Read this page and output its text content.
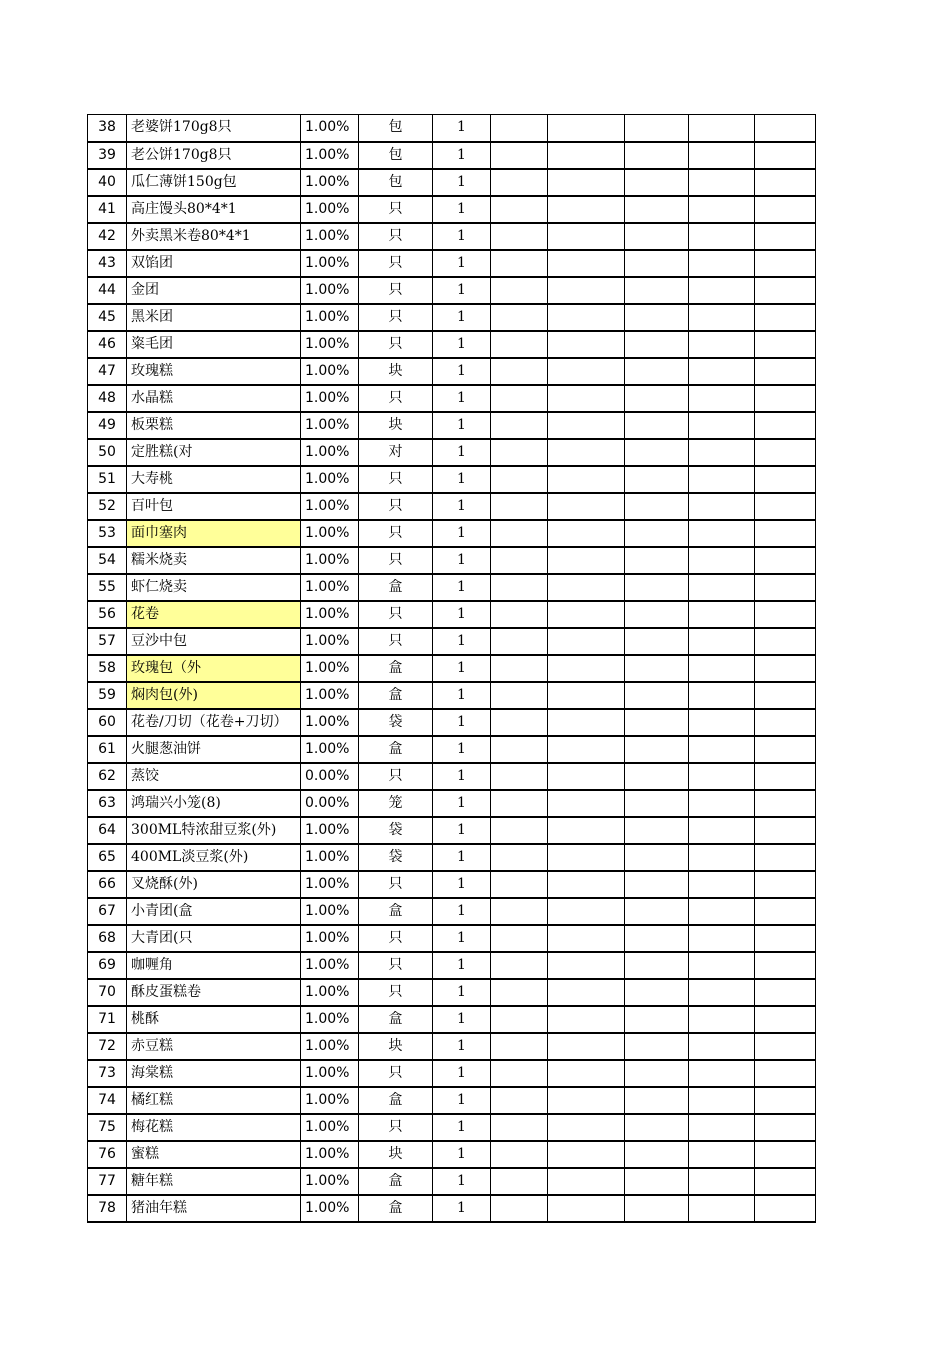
38	老婆饼170g8只	1.00%	包	1					
39	老公饼170g8只	1.00%	包	1					
40	瓜仁薄饼150g包	1.00%	包	1					
41	高庄馒头80*4*1	1.00%	只	1					
42	外卖黑米卷80*4*1	1.00%	只	1					
43	双馅团	1.00%	只	1					
44	金团	1.00%	只	1					
45	黑米团	1.00%	只	1					
46	粢毛团	1.00%	只	1					
47	玫瑰糕	1.00%	块	1					
48	水晶糕	1.00%	只	1					
49	板栗糕	1.00%	块	1					
50	定胜糕(对	1.00%	对	1					
51	大寿桃	1.00%	只	1					
52	百叶包	1.00%	只	1					
53	面巾塞肉	1.00%	只	1					
54	糯米烧卖	1.00%	只	1					
55	虾仁烧卖	1.00%	盒	1					
56	花卷	1.00%	只	1					
57	豆沙中包	1.00%	只	1					
58	玫瑰包（外	1.00%	盒	1					
59	焖肉包(外)	1.00%	盒	1					
60	花卷/刀切（花卷+刀切）	1.00%	袋	1					
61	火腿葱油饼	1.00%	盒	1					
62	蒸饺	0.00%	只	1					
63	鸿瑞兴小笼(8)	0.00%	笼	1					
64	300ML特浓甜豆浆(外)	1.00%	袋	1					
65	400ML淡豆浆(外)	1.00%	袋	1					
66	叉烧酥(外)	1.00%	只	1					
67	小青团(盒	1.00%	盒	1					
68	大青团(只	1.00%	只	1					
69	咖喱角	1.00%	只	1					
70	酥皮蛋糕卷	1.00%	只	1					
71	桃酥	1.00%	盒	1					
72	赤豆糕	1.00%	块	1					
73	海棠糕	1.00%	只	1					
74	橘红糕	1.00%	盒	1					
75	梅花糕	1.00%	只	1					
76	蜜糕	1.00%	块	1					
77	糖年糕	1.00%	盒	1					
78	猪油年糕	1.00%	盒	1					
